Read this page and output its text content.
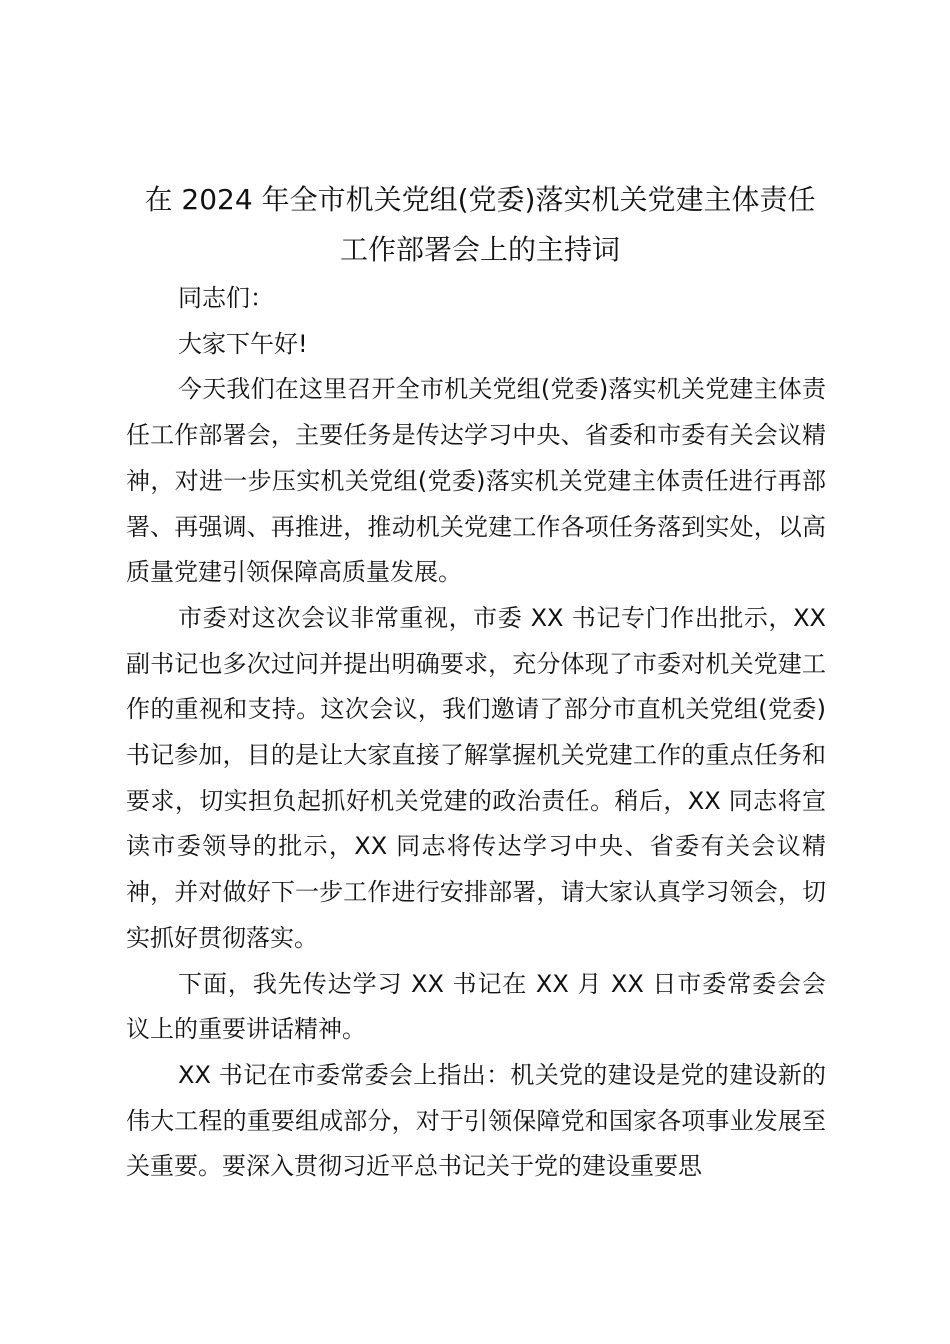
在 2024 年全市机关党组(党委)落实机关党建主体责任
工作部署会上的主持词

同志们：

大家下午好!

今天我们在这里召开全市机关党组(党委)落实机关党建主体责任工作部署会，主要任务是传达学习中央、省委和市委有关会议精神，对进一步压实机关党组(党委)落实机关党建主体责任进行再部署、再强调、再推进，推动机关党建工作各项任务落到实处，以高质量党建引领保障高质量发展。

市委对这次会议非常重视，市委 XX 书记专门作出批示，XX 副书记也多次过问并提出明确要求，充分体现了市委对机关党建工作的重视和支持。这次会议，我们邀请了部分市直机关党组(党委)书记参加，目的是让大家直接了解掌握机关党建工作的重点任务和要求，切实担负起抓好机关党建的政治责任。稍后，XX 同志将宣读市委领导的批示，XX 同志将传达学习中央、省委有关会议精神，并对做好下一步工作进行安排部署，请大家认真学习领会，切实抓好贯彻落实。

下面，我先传达学习 XX 书记在 XX 月 XX 日市委常委会会议上的重要讲话精神。

XX 书记在市委常委会上指出：机关党的建设是党的建设新的伟大工程的重要组成部分，对于引领保障党和国家各项事业发展至关重要。要深入贯彻习近平总书记关于党的建设重要思
